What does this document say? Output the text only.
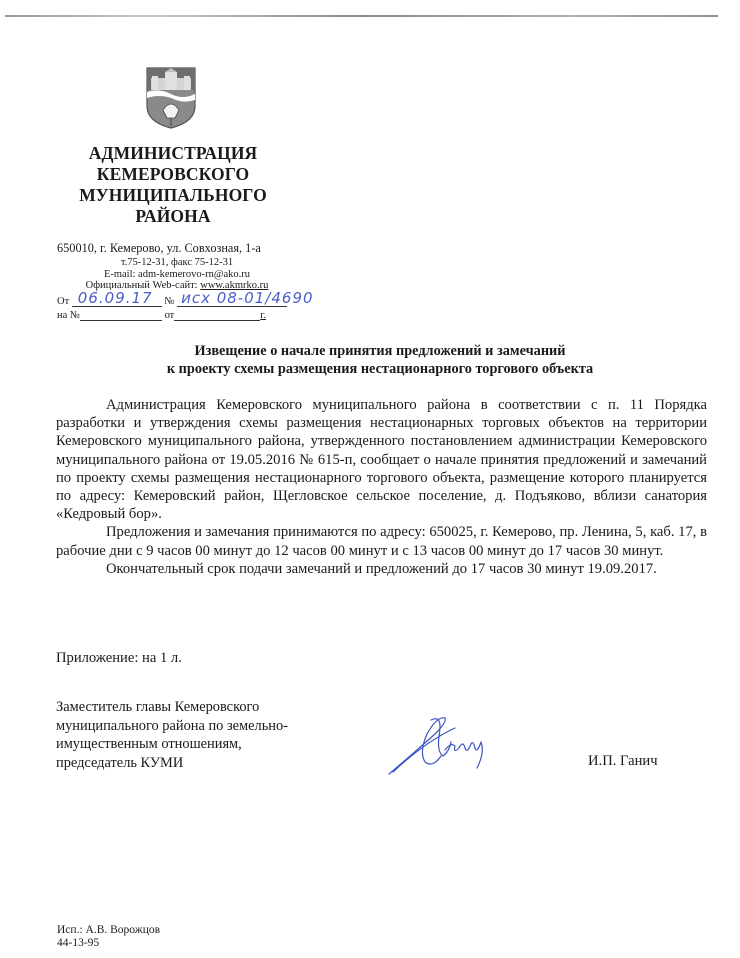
АДМИНИСТРАЦИЯ
КЕМЕРОВСКОГО
МУНИЦИПАЛЬНОГО
РАЙОНА
650010, г. Кемерово, ул. Совхозная, 1-а
т.75-12-31, факс 75-12-31
E-mail: adm-kemerovo-rn@ako.ru
Официальный Web-сайт: www.akmrko.ru
От 06.09.17 № исх 08-01/4690
на №	от	г.
Извещение о начале принятия предложений и замечаний
к проекту схемы размещения нестационарного торгового объекта

Администрация Кемеровского муниципального района в соответствии с п. 11 Порядка разработки и утверждения схемы размещения нестационарных торговых объектов на территории Кемеровского муниципального района, утвержденного постановлением администрации Кемеровского муниципального района от 19.05.2016 № 615-п, сообщает о начале принятия предложений и замечаний по проекту схемы размещения нестационарного торгового объекта, размещение которого планируется по адресу: Кемеровский район, Щегловское сельское поселение, д. Подъяково, вблизи санатория «Кедровый бор».

Предложения и замечания принимаются по адресу: 650025, г. Кемерово, пр. Ленина, 5, каб. 17, в рабочие дни с 9 часов 00 минут до 12 часов 00 минут и с 13 часов 00 минут до 17 часов 30 минут.

Окончательный срок подачи замечаний и предложений до 17 часов 30 минут 19.09.2017.

Приложение: на 1 л.
Заместитель главы Кемеровского
муниципального района по земельно-
имущественным отношениям,
председатель КУМИ	И.П. Ганич
Исп.: А.В. Ворожцов
44-13-95
